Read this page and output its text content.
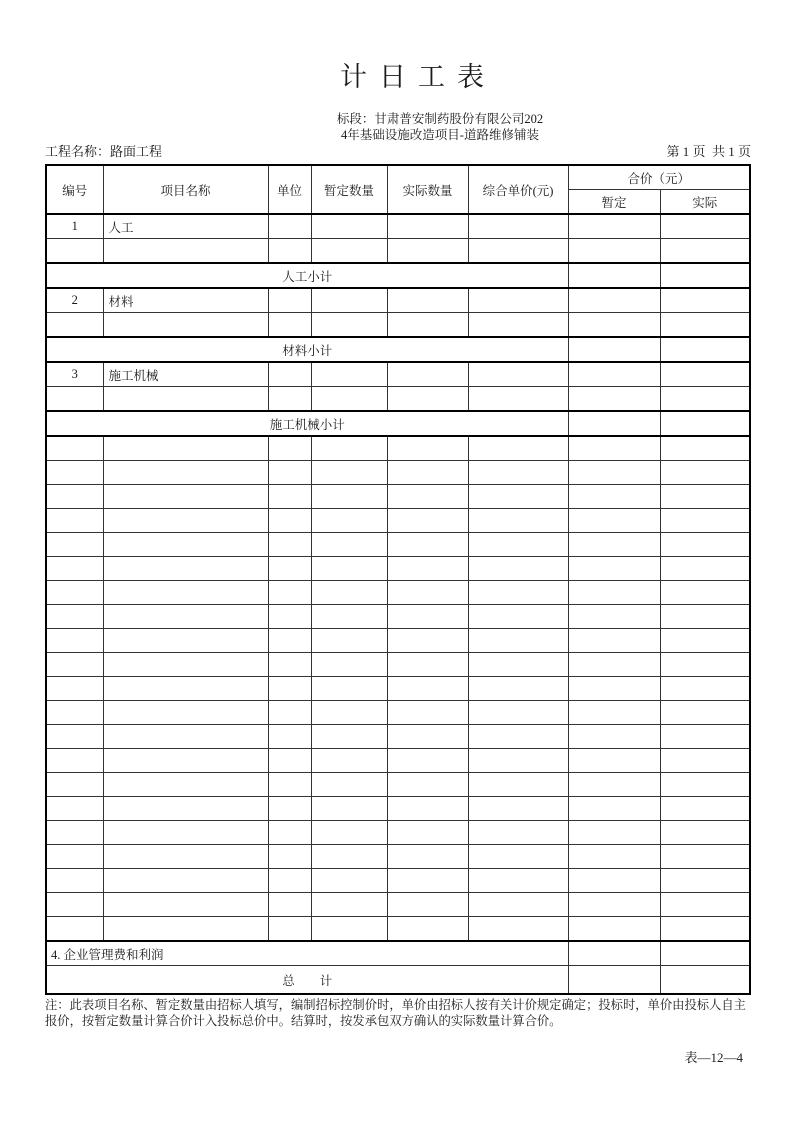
计日工表
标段：甘肃普安制药股份有限公司202
4年基础设施改造项目-道路维修铺装
工程名称：路面工程	第 1 页  共 1 页
编号	项目名称	单位	暂定数量	实际数量	综合单价(元)	合价（元）	
						暂定	实际
1	人工						

人工小计							
2	材料						

材料小计							
3	施工机械						

施工机械小计							

4. 企业管理费和利润							
总　　计							
注：此表项目名称、暂定数量由招标人填写，编制招标控制价时，单价由招标人按有关计价规定确定；投标时，单价由投标人自主
报价，按暂定数量计算合价计入投标总价中。结算时，按发承包双方确认的实际数量计算合价。
表—12—4
